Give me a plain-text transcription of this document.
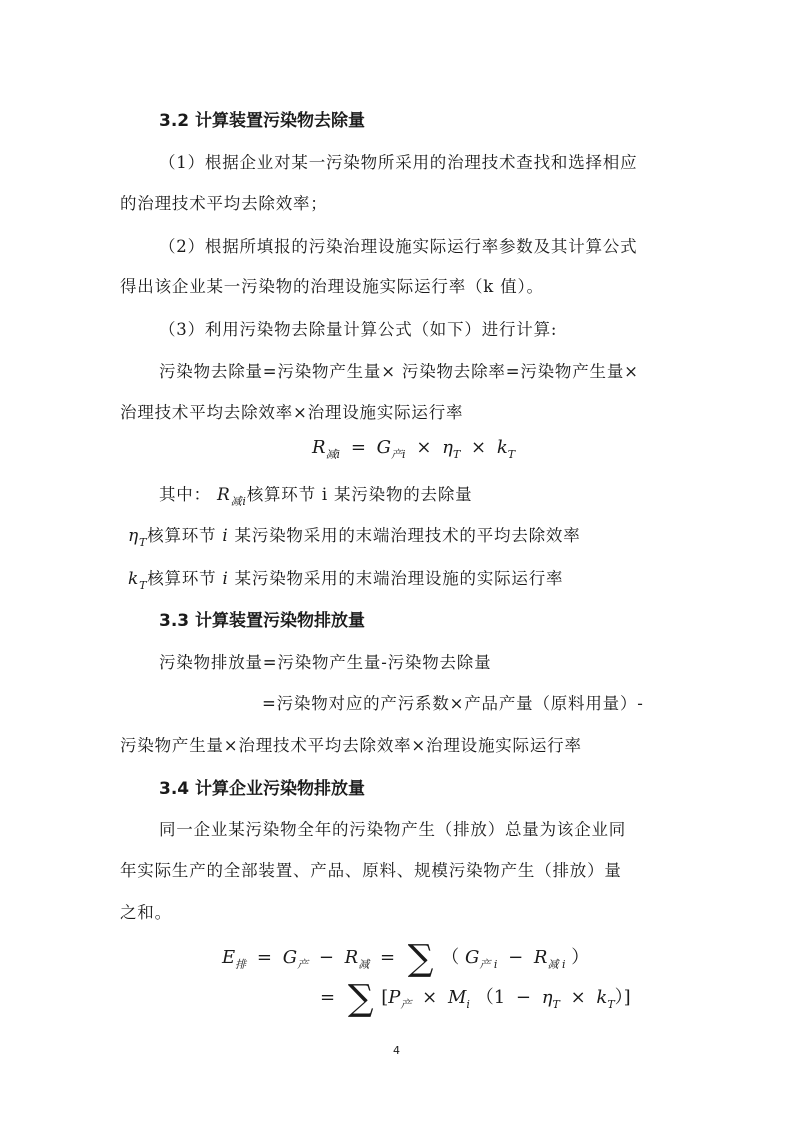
3.2 计算装置污染物去除量
（1）根据企业对某一污染物所采用的治理技术查找和选择相应
的治理技术平均去除效率；
（2）根据所填报的污染治理设施实际运行率参数及其计算公式
得出该企业某一污染物的治理设施实际运行率（k 值）。
（3）利用污染物去除量计算公式（如下）进行计算:
污染物去除量=污染物产生量× 污染物去除率=污染物产生量×
治理技术平均去除效率×治理设施实际运行率
$R_{减i} = G_{产i} \times \eta_T \times k_T$
其中： $R_{减i}$核算环节 i 某污染物的去除量
$\eta_T$核算环节 i 某污染物采用的末端治理技术的平均去除效率
$k_T$核算环节 i 某污染物采用的末端治理设施的实际运行率
3.3 计算装置污染物排放量
污染物排放量=污染物产生量-污染物去除量
=污染物对应的产污系数×产品产量（原料用量）-
污染物产生量×治理技术平均去除效率×治理设施实际运行率
3.4 计算企业污染物排放量
同一企业某污染物全年的污染物产生（排放）总量为该企业同
年实际生产的全部装置、产品、原料、规模污染物产生（排放）量
之和。
$E_排 = G_产 - R_减$ = ∑ （ $G_{产 i} - R_{减 i}$ ）
= ∑ [$P_产 \times M_i$ $(1 - \eta_T \times k_T)$]
4
